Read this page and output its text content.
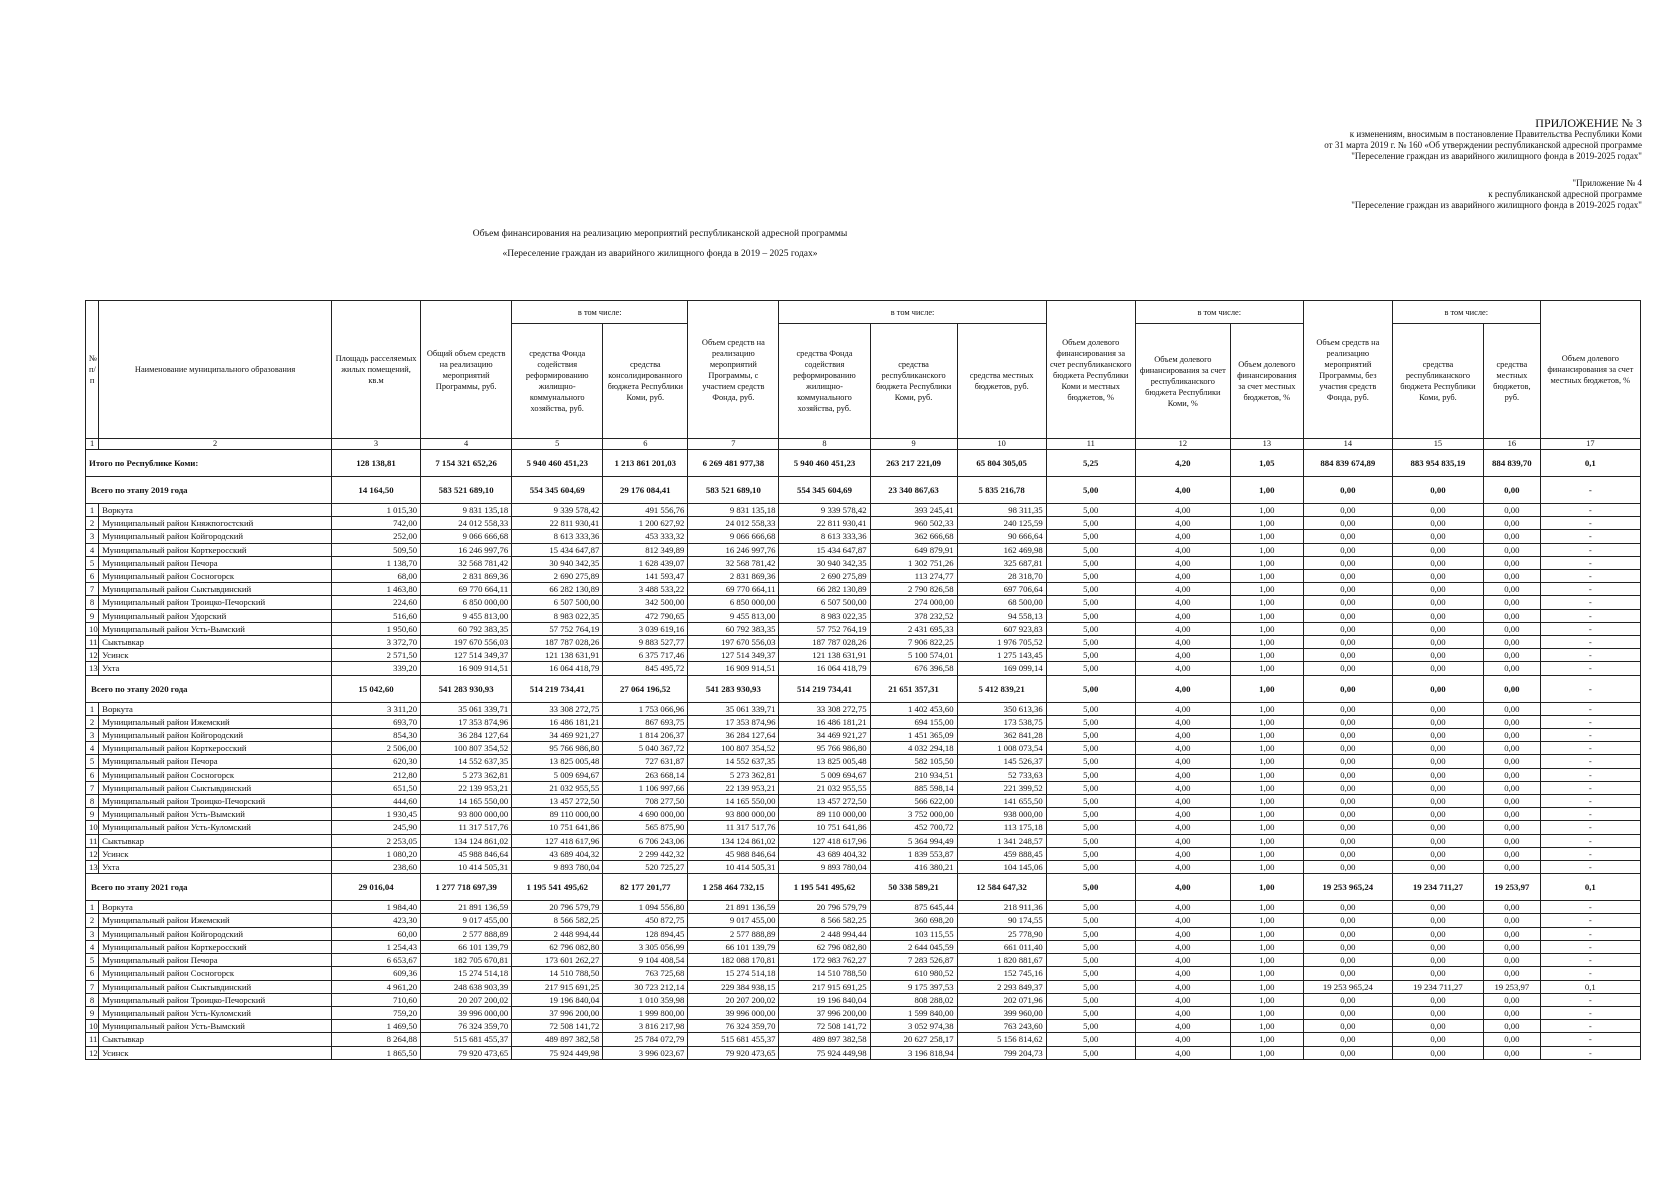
ПРИЛОЖЕНИЕ № 3
к изменениям, вносимым в постановление Правительства Республики Коми
от 31 марта 2019 г. № 160 «Об утверждении республиканской адресной программе
"Переселение граждан из аварийного жилищного фонда в 2019-2025 годах"
"Приложение № 4
к республиканской адресной программе
"Переселение граждан из аварийного жилищного фонда в 2019-2025 годах"
Объем финансирования на реализацию мероприятий республиканской адресной программы
«Переселение граждан из аварийного жилищного фонда в 2019 – 2025 годах»
№ п/п	Наименование муниципального образования	Площадь расселяемых жилых помещений, кв.м	Общий объем средств на реализацию мероприятий Программы, руб.	в том числе:		Объем средств на реализацию мероприятий Программы, с участием средств Фонда, руб.	в том числе:			Объем долевого финансирования за счет республиканского бюджета Республики Коми и местных бюджетов, %	в том числе:		Объем средств на реализацию мероприятий Программы, без участия средств Фонда, руб.	в том числе:		Объем долевого финансирования за счет местных бюджетов, %
				средства Фонда содействия реформированию жилищно-коммунального хозяйства, руб.	средства консолидированного бюджета Республики Коми, руб.		средства Фонда содействия реформированию жилищно-коммунального хозяйства, руб.	средства республиканского бюджета Республики Коми, руб.	средства местных бюджетов, руб.		Объем долевого финансирования за счет республиканского бюджета Республики Коми, %	Объем долевого финансирования за счет местных бюджетов, %		средства республиканского бюджета Республики Коми, руб.	средства местных бюджетов, руб.	
1	2	3	4	5	6	7	8	9	10	11	12	13	14	15	16	17
Итого по Республике Коми:		128 138,81	7 154 321 652,26	5 940 460 451,23	1 213 861 201,03	6 269 481 977,38	5 940 460 451,23	263 217 221,09	65 804 305,05	5,25	4,20	1,05	884 839 674,89	883 954 835,19	884 839,70	0,1
Всего по этапу 2019 года		14 164,50	583 521 689,10	554 345 604,69	29 176 084,41	583 521 689,10	554 345 604,69	23 340 867,63	5 835 216,78	5,00	4,00	1,00	0,00	0,00	0,00	-
1	Воркута	1 015,30	9 831 135,18	9 339 578,42	491 556,76	9 831 135,18	9 339 578,42	393 245,41	98 311,35	5,00	4,00	1,00	0,00	0,00	0,00	-
2	Муниципальный район Княжпогостский	742,00	24 012 558,33	22 811 930,41	1 200 627,92	24 012 558,33	22 811 930,41	960 502,33	240 125,59	5,00	4,00	1,00	0,00	0,00	0,00	-
3	Муниципальный район Койгородский	252,00	9 066 666,68	8 613 333,36	453 333,32	9 066 666,68	8 613 333,36	362 666,68	90 666,64	5,00	4,00	1,00	0,00	0,00	0,00	-
4	Муниципальный район Корткеросский	509,50	16 246 997,76	15 434 647,87	812 349,89	16 246 997,76	15 434 647,87	649 879,91	162 469,98	5,00	4,00	1,00	0,00	0,00	0,00	-
5	Муниципальный район Печора	1 138,70	32 568 781,42	30 940 342,35	1 628 439,07	32 568 781,42	30 940 342,35	1 302 751,26	325 687,81	5,00	4,00	1,00	0,00	0,00	0,00	-
6	Муниципальный район Сосногорск	68,00	2 831 869,36	2 690 275,89	141 593,47	2 831 869,36	2 690 275,89	113 274,77	28 318,70	5,00	4,00	1,00	0,00	0,00	0,00	-
7	Муниципальный район Сыктывдинский	1 463,80	69 770 664,11	66 282 130,89	3 488 533,22	69 770 664,11	66 282 130,89	2 790 826,58	697 706,64	5,00	4,00	1,00	0,00	0,00	0,00	-
8	Муниципальный район Троицко-Печорский	224,60	6 850 000,00	6 507 500,00	342 500,00	6 850 000,00	6 507 500,00	274 000,00	68 500,00	5,00	4,00	1,00	0,00	0,00	0,00	-
9	Муниципальный район Удорский	516,60	9 455 813,00	8 983 022,35	472 790,65	9 455 813,00	8 983 022,35	378 232,52	94 558,13	5,00	4,00	1,00	0,00	0,00	0,00	-
10	Муниципальный район Усть-Вымский	1 950,60	60 792 383,35	57 752 764,19	3 039 619,16	60 792 383,35	57 752 764,19	2 431 695,33	607 923,83	5,00	4,00	1,00	0,00	0,00	0,00	-
11	Сыктывкар	3 372,70	197 670 556,03	187 787 028,26	9 883 527,77	197 670 556,03	187 787 028,26	7 906 822,25	1 976 705,52	5,00	4,00	1,00	0,00	0,00	0,00	-
12	Усинск	2 571,50	127 514 349,37	121 138 631,91	6 375 717,46	127 514 349,37	121 138 631,91	5 100 574,01	1 275 143,45	5,00	4,00	1,00	0,00	0,00	0,00	-
13	Ухта	339,20	16 909 914,51	16 064 418,79	845 495,72	16 909 914,51	16 064 418,79	676 396,58	169 099,14	5,00	4,00	1,00	0,00	0,00	0,00	-
Всего по этапу 2020 года		15 042,60	541 283 930,93	514 219 734,41	27 064 196,52	541 283 930,93	514 219 734,41	21 651 357,31	5 412 839,21	5,00	4,00	1,00	0,00	0,00	0,00	-
1	Воркута	3 311,20	35 061 339,71	33 308 272,75	1 753 066,96	35 061 339,71	33 308 272,75	1 402 453,60	350 613,36	5,00	4,00	1,00	0,00	0,00	0,00	-
2	Муниципальный район Ижемский	693,70	17 353 874,96	16 486 181,21	867 693,75	17 353 874,96	16 486 181,21	694 155,00	173 538,75	5,00	4,00	1,00	0,00	0,00	0,00	-
3	Муниципальный район Койгородский	854,30	36 284 127,64	34 469 921,27	1 814 206,37	36 284 127,64	34 469 921,27	1 451 365,09	362 841,28	5,00	4,00	1,00	0,00	0,00	0,00	-
4	Муниципальный район Корткеросский	2 506,00	100 807 354,52	95 766 986,80	5 040 367,72	100 807 354,52	95 766 986,80	4 032 294,18	1 008 073,54	5,00	4,00	1,00	0,00	0,00	0,00	-
5	Муниципальный район Печора	620,30	14 552 637,35	13 825 005,48	727 631,87	14 552 637,35	13 825 005,48	582 105,50	145 526,37	5,00	4,00	1,00	0,00	0,00	0,00	-
6	Муниципальный район Сосногорск	212,80	5 273 362,81	5 009 694,67	263 668,14	5 273 362,81	5 009 694,67	210 934,51	52 733,63	5,00	4,00	1,00	0,00	0,00	0,00	-
7	Муниципальный район Сыктывдинский	651,50	22 139 953,21	21 032 955,55	1 106 997,66	22 139 953,21	21 032 955,55	885 598,14	221 399,52	5,00	4,00	1,00	0,00	0,00	0,00	-
8	Муниципальный район Троицко-Печорский	444,60	14 165 550,00	13 457 272,50	708 277,50	14 165 550,00	13 457 272,50	566 622,00	141 655,50	5,00	4,00	1,00	0,00	0,00	0,00	-
9	Муниципальный район Усть-Вымский	1 930,45	93 800 000,00	89 110 000,00	4 690 000,00	93 800 000,00	89 110 000,00	3 752 000,00	938 000,00	5,00	4,00	1,00	0,00	0,00	0,00	-
10	Муниципальный район Усть-Куломский	245,90	11 317 517,76	10 751 641,86	565 875,90	11 317 517,76	10 751 641,86	452 700,72	113 175,18	5,00	4,00	1,00	0,00	0,00	0,00	-
11	Сыктывкар	2 253,05	134 124 861,02	127 418 617,96	6 706 243,06	134 124 861,02	127 418 617,96	5 364 994,49	1 341 248,57	5,00	4,00	1,00	0,00	0,00	0,00	-
12	Усинск	1 080,20	45 988 846,64	43 689 404,32	2 299 442,32	45 988 846,64	43 689 404,32	1 839 553,87	459 888,45	5,00	4,00	1,00	0,00	0,00	0,00	-
13	Ухта	238,60	10 414 505,31	9 893 780,04	520 725,27	10 414 505,31	9 893 780,04	416 380,21	104 145,06	5,00	4,00	1,00	0,00	0,00	0,00	-
Всего по этапу 2021 года		29 016,04	1 277 718 697,39	1 195 541 495,62	82 177 201,77	1 258 464 732,15	1 195 541 495,62	50 338 589,21	12 584 647,32	5,00	4,00	1,00	19 253 965,24	19 234 711,27	19 253,97	0,1
1	Воркута	1 984,40	21 891 136,59	20 796 579,79	1 094 556,80	21 891 136,59	20 796 579,79	875 645,44	218 911,36	5,00	4,00	1,00	0,00	0,00	0,00	-
2	Муниципальный район Ижемский	423,30	9 017 455,00	8 566 582,25	450 872,75	9 017 455,00	8 566 582,25	360 698,20	90 174,55	5,00	4,00	1,00	0,00	0,00	0,00	-
3	Муниципальный район Койгородский	60,00	2 577 888,89	2 448 994,44	128 894,45	2 577 888,89	2 448 994,44	103 115,55	25 778,90	5,00	4,00	1,00	0,00	0,00	0,00	-
4	Муниципальный район Корткеросский	1 254,43	66 101 139,79	62 796 082,80	3 305 056,99	66 101 139,79	62 796 082,80	2 644 045,59	661 011,40	5,00	4,00	1,00	0,00	0,00	0,00	-
5	Муниципальный район Печора	6 653,67	182 705 670,81	173 601 262,27	9 104 408,54	182 088 170,81	172 983 762,27	7 283 526,87	1 820 881,67	5,00	4,00	1,00	0,00	0,00	0,00	-
6	Муниципальный район Сосногорск	609,36	15 274 514,18	14 510 788,50	763 725,68	15 274 514,18	14 510 788,50	610 980,52	152 745,16	5,00	4,00	1,00	0,00	0,00	0,00	-
7	Муниципальный район Сыктывдинский	4 961,20	248 638 903,39	217 915 691,25	30 723 212,14	229 384 938,15	217 915 691,25	9 175 397,53	2 293 849,37	5,00	4,00	1,00	19 253 965,24	19 234 711,27	19 253,97	0,1
8	Муниципальный район Троицко-Печорский	710,60	20 207 200,02	19 196 840,04	1 010 359,98	20 207 200,02	19 196 840,04	808 288,02	202 071,96	5,00	4,00	1,00	0,00	0,00	0,00	-
9	Муниципальный район Усть-Куломский	759,20	39 996 000,00	37 996 200,00	1 999 800,00	39 996 000,00	37 996 200,00	1 599 840,00	399 960,00	5,00	4,00	1,00	0,00	0,00	0,00	-
10	Муниципальный район Усть-Вымский	1 469,50	76 324 359,70	72 508 141,72	3 816 217,98	76 324 359,70	72 508 141,72	3 052 974,38	763 243,60	5,00	4,00	1,00	0,00	0,00	0,00	-
11	Сыктывкар	8 264,88	515 681 455,37	489 897 382,58	25 784 072,79	515 681 455,37	489 897 382,58	20 627 258,17	5 156 814,62	5,00	4,00	1,00	0,00	0,00	0,00	-
12	Усинск	1 865,50	79 920 473,65	75 924 449,98	3 996 023,67	79 920 473,65	75 924 449,98	3 196 818,94	799 204,73	5,00	4,00	1,00	0,00	0,00	0,00	-
